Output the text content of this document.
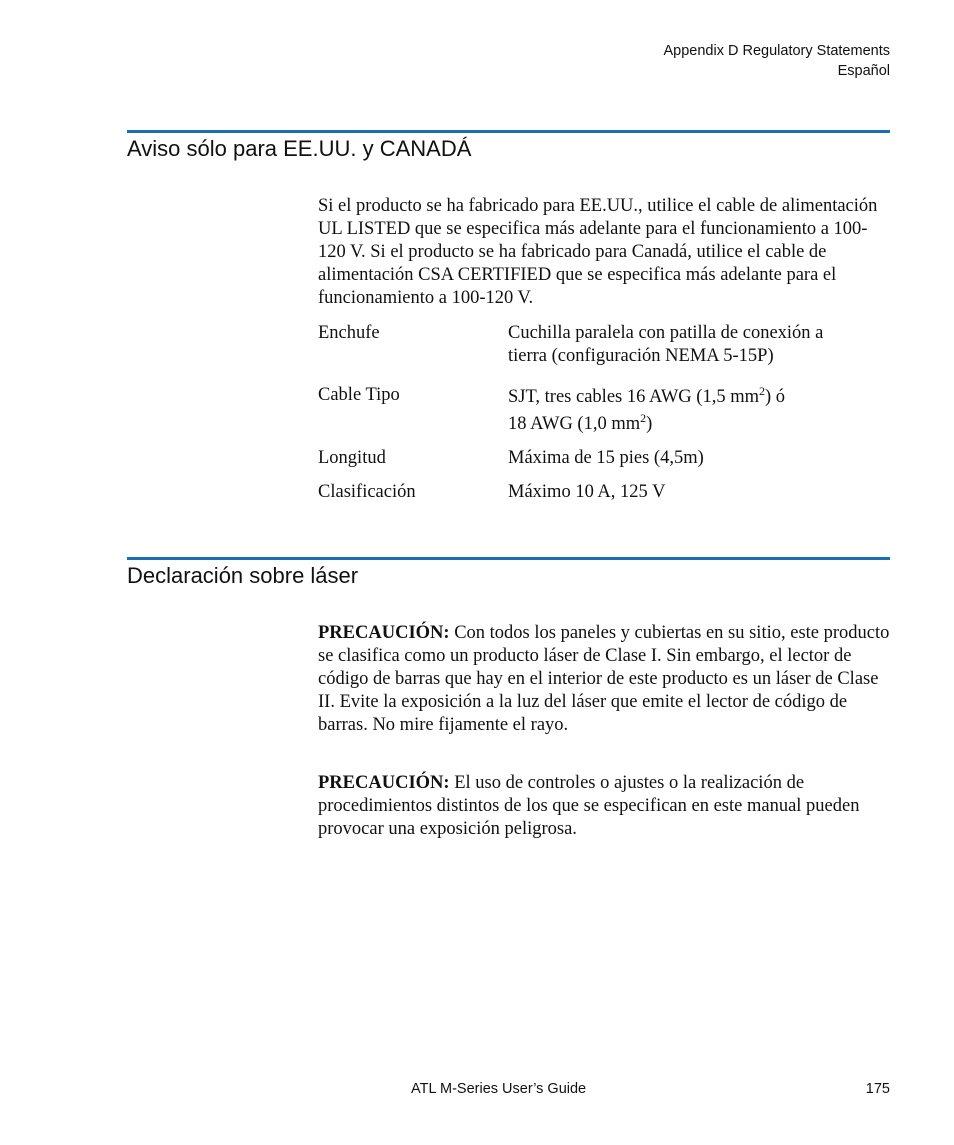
Appendix D Regulatory Statements
Español
Aviso sólo para EE.UU. y CANADÁ

Si el producto se ha fabricado para EE.UU., utilice el cable de alimentación UL LISTED que se especifica más adelante para el funcionamiento a 100-120 V. Si el producto se ha fabricado para Canadá, utilice el cable de alimentación CSA CERTIFIED que se especifica más adelante para el funcionamiento a 100-120 V.

Enchufe	Cuchilla paralela con patilla de conexión a
tierra (configuración NEMA 5-15P)
Cable Tipo	SJT, tres cables 16 AWG (1,5 $mm^2$) ó
18 AWG (1,0 $mm^2$)
Longitud	Máxima de 15 pies (4,5m)
Clasificación	Máximo 10 A, 125 V
Declaración sobre láser

PRECAUCIÓN: Con todos los paneles y cubiertas en su sitio, este producto se clasifica como un producto láser de Clase I. Sin embargo, el lector de código de barras que hay en el interior de este producto es un láser de Clase II. Evite la exposición a la luz del láser que emite el lector de código de barras. No mire fijamente el rayo.

PRECAUCIÓN: El uso de controles o ajustes o la realización de procedimientos distintos de los que se especifican en este manual pueden provocar una exposición peligrosa.

ATL M-Series User’s Guide	175
